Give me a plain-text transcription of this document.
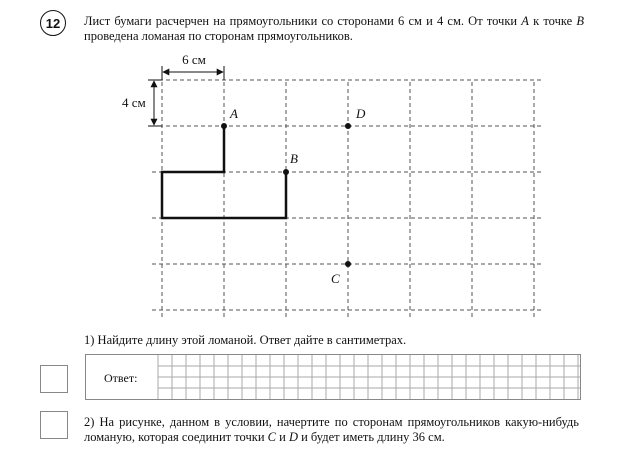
12 Лист бумаги расчерчен на прямоугольники со сторонами 6 см и 4 см. От точки A к точке B проведена ломаная по сторонам прямоугольников.
6 см
4 см
A
B
C
D
1) Найдите длину этой ломаной. Ответ дайте в сантиметрах.
Ответ:
2) На рисунке, данном в условии, начертите по сторонам прямоугольников какую-нибудь ломаную, которая соединит точки C и D и будет иметь длину 36 см.
